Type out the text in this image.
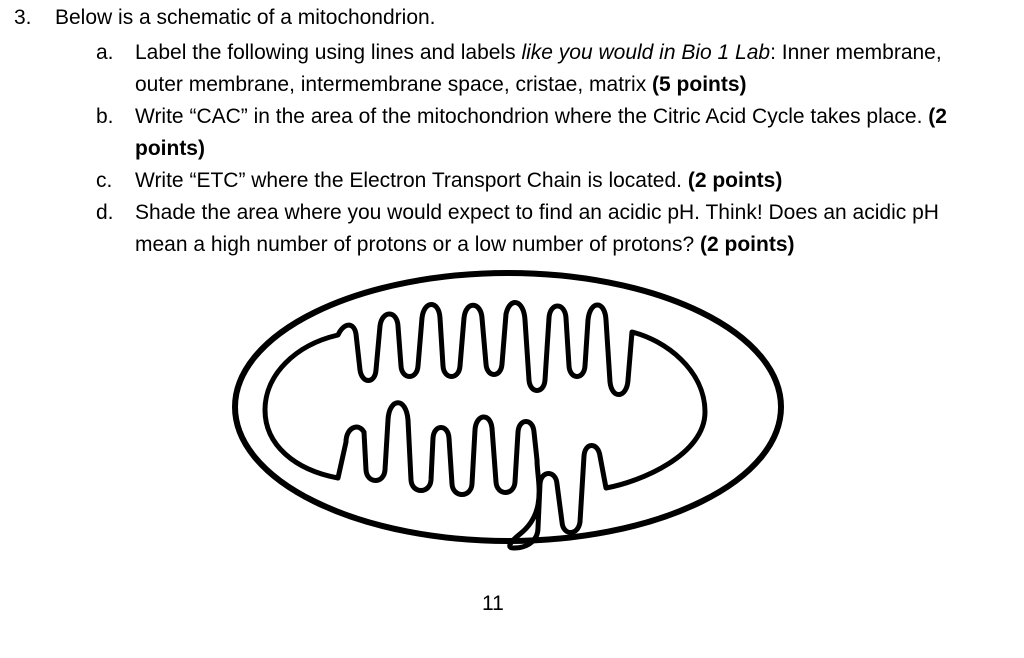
3. Below is a schematic of a mitochondrion.
a. Label the following using lines and labels like you would in Bio 1 Lab: Inner membrane,
outer membrane, intermembrane space, cristae, matrix (5 points)
b. Write “CAC” in the area of the mitochondrion where the Citric Acid Cycle takes place. (2
points)
c. Write “ETC” where the Electron Transport Chain is located. (2 points)
d. Shade the area where you would expect to find an acidic pH. Think! Does an acidic pH
mean a high number of protons or a low number of protons? (2 points)
11
